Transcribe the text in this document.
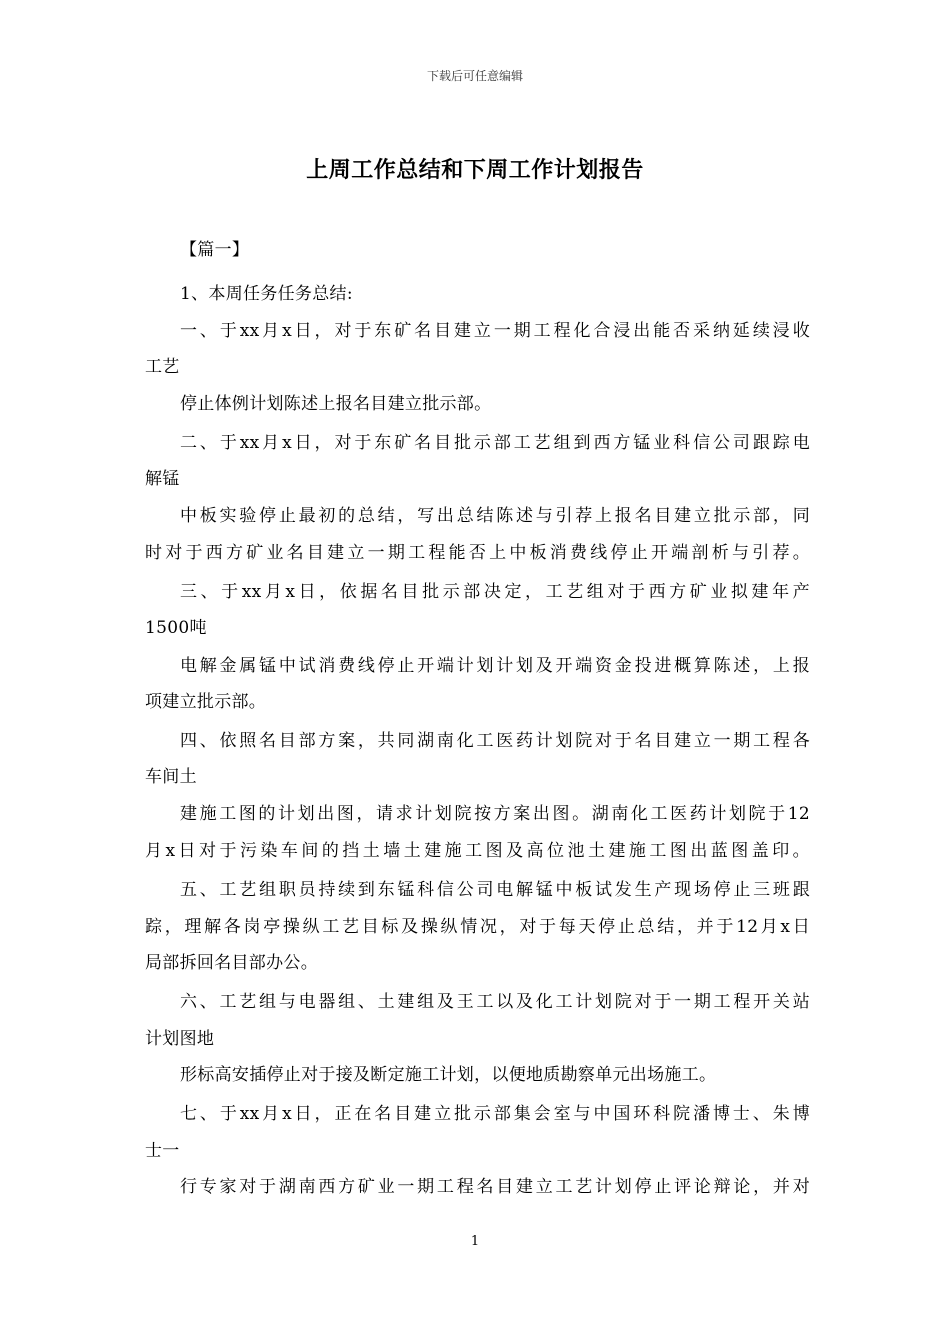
下载后可任意编辑
上周工作总结和下周工作计划报告
【篇一】
1、本周任务任务总结:
一、于xx月x日，对于东矿名目建立一期工程化合浸出能否采纳延续浸收
工艺
停止体例计划陈述上报名目建立批示部。
二、于xx月x日，对于东矿名目批示部工艺组到西方锰业科信公司跟踪电
解锰
中板实验停止最初的总结，写出总结陈述与引荐上报名目建立批示部，同
时对于西方矿业名目建立一期工程能否上中板消费线停止开端剖析与引荐。
三、于xx月x日，依据名目批示部决定，工艺组对于西方矿业拟建年产
1500吨
电解金属锰中试消费线停止开端计划计划及开端资金投进概算陈述，上报
项建立批示部。
四、依照名目部方案，共同湖南化工医药计划院对于名目建立一期工程各
车间土
建施工图的计划出图，请求计划院按方案出图。湖南化工医药计划院于12
月x日对于污染车间的挡土墙土建施工图及高位池土建施工图出蓝图盖印。
五、工艺组职员持续到东锰科信公司电解锰中板试发生产现场停止三班跟
踪，理解各岗亭操纵工艺目标及操纵情况，对于每天停止总结，并于12月x日
局部拆回名目部办公。
六、工艺组与电器组、土建组及王工以及化工计划院对于一期工程开关站
计划图地
形标高安插停止对于接及断定施工计划，以便地质勘察单元出场施工。
七、于xx月x日，正在名目建立批示部集会室与中国环科院潘博士、朱博
士一
行专家对于湖南西方矿业一期工程名目建立工艺计划停止评论辩论，并对
1
